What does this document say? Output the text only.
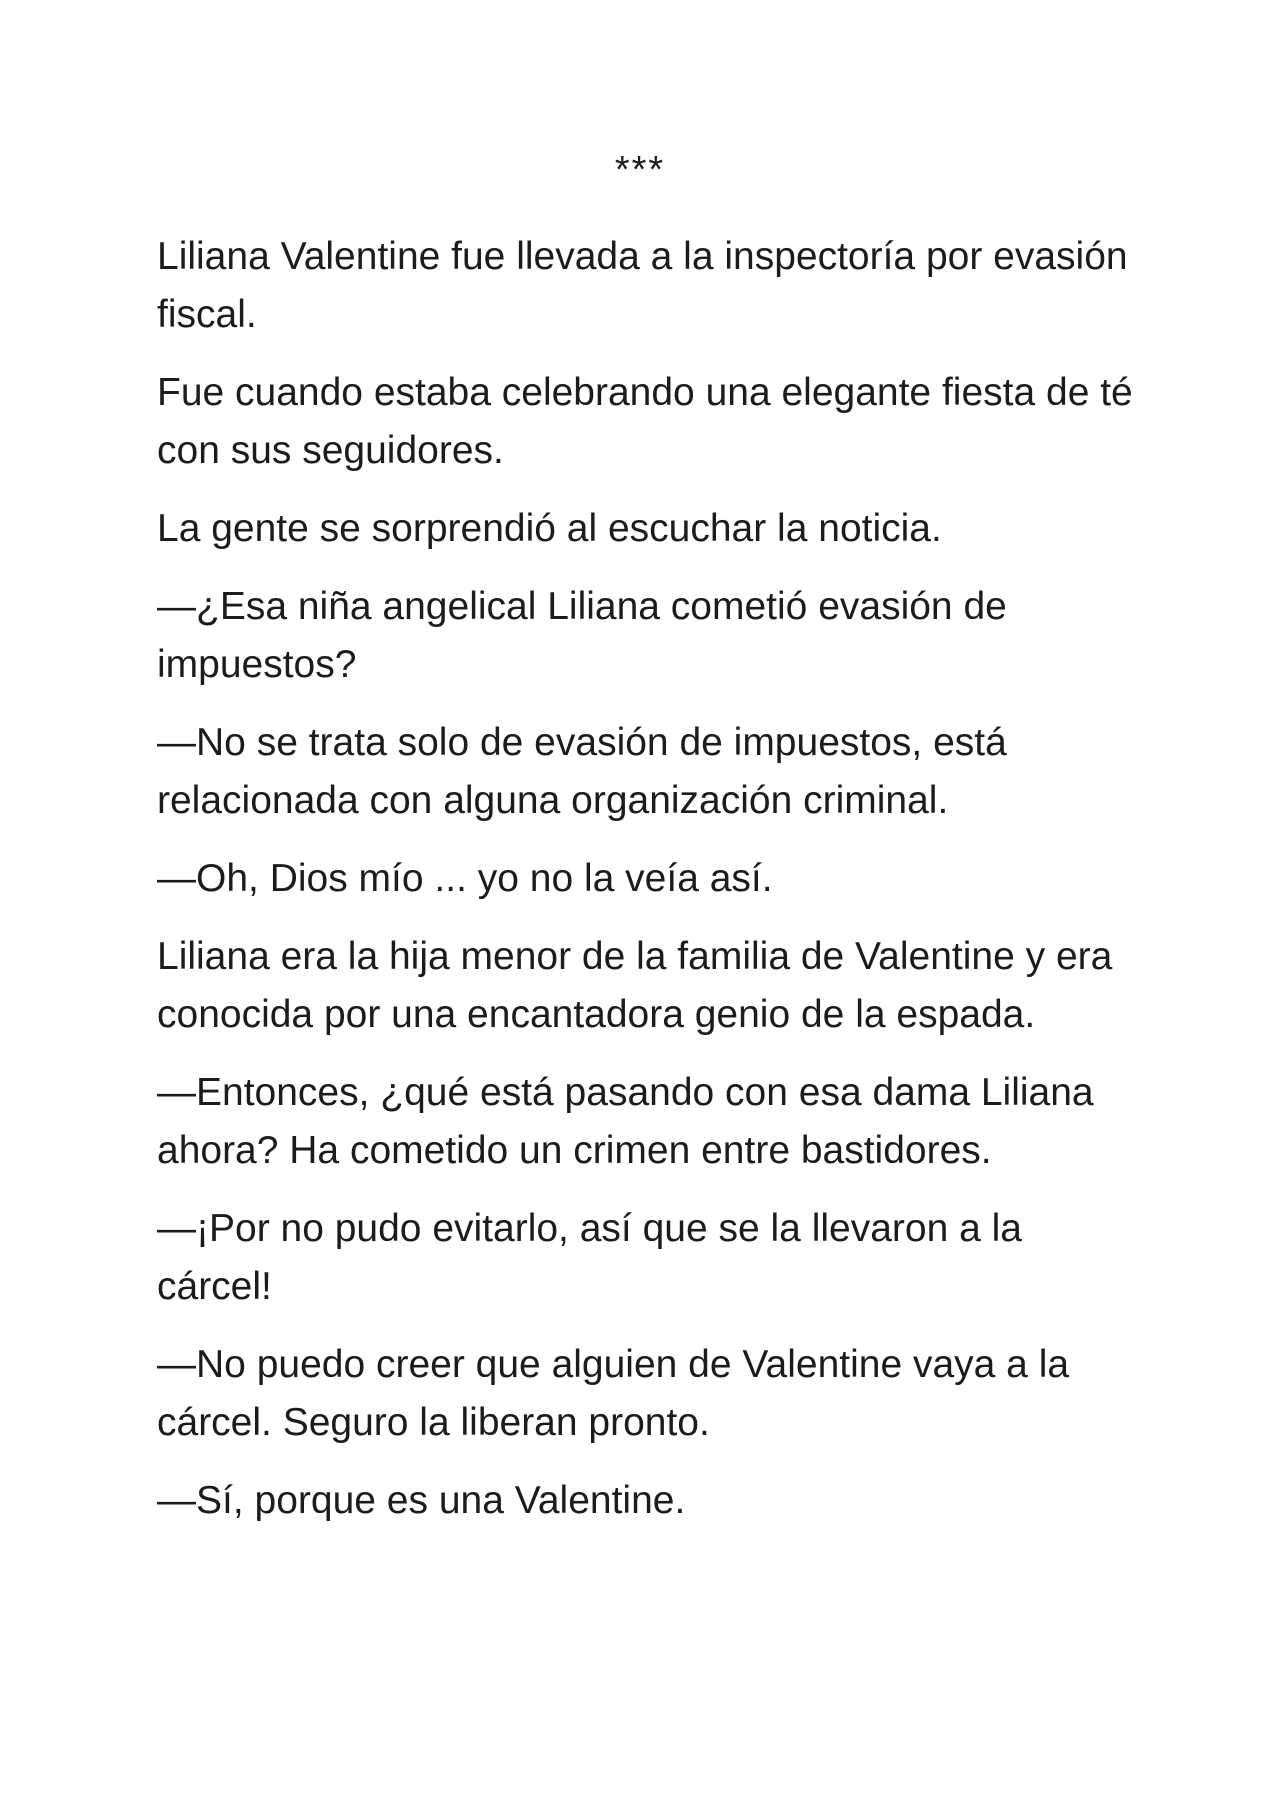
***

Liliana Valentine fue llevada a la inspectoría por evasión fiscal.

Fue cuando estaba celebrando una elegante fiesta de té con sus seguidores.

La gente se sorprendió al escuchar la noticia.

—¿Esa niña angelical Liliana cometió evasión de impuestos?

—No se trata solo de evasión de impuestos, está relacionada con alguna organización criminal.

—Oh, Dios mío ... yo no la veía así.

Liliana era la hija menor de la familia de Valentine y era conocida por una encantadora genio de la espada.

—Entonces, ¿qué está pasando con esa dama Liliana ahora? Ha cometido un crimen entre bastidores.

—¡Por no pudo evitarlo, así que se la llevaron a la cárcel!

—No puedo creer que alguien de Valentine vaya a la cárcel. Seguro la liberan pronto.

—Sí, porque es una Valentine.
